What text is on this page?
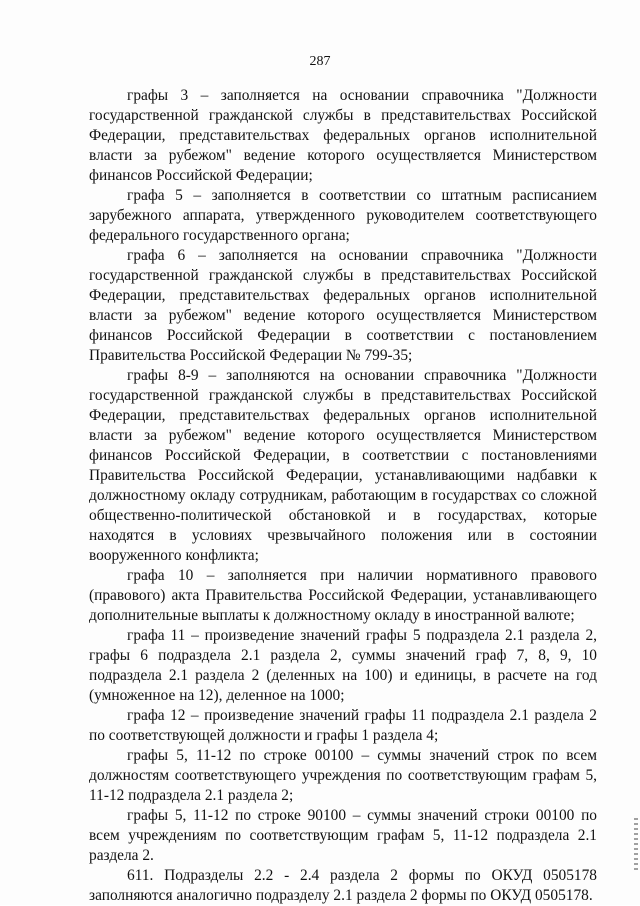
287

графы 3 – заполняется на основании справочника "Должности государственной гражданской службы в представительствах Российской Федерации, представительствах федеральных органов исполнительной власти за рубежом" ведение которого осуществляется Министерством финансов Российской Федерации;

графа 5 – заполняется в соответствии со штатным расписанием зарубежного аппарата, утвержденного руководителем соответствующего федерального государственного органа;

графа 6 – заполняется на основании справочника "Должности государственной гражданской службы в представительствах Российской Федерации, представительствах федеральных органов исполнительной власти за рубежом" ведение которого осуществляется Министерством финансов Российской Федерации в соответствии с постановлением Правительства Российской Федерации № 799-35;

графы 8-9 – заполняются на основании справочника "Должности государственной гражданской службы в представительствах Российской Федерации, представительствах федеральных органов исполнительной власти за рубежом" ведение которого осуществляется Министерством финансов Российской Федерации, в соответствии с постановлениями Правительства Российской Федерации, устанавливающими надбавки к должностному окладу сотрудникам, работающим в государствах со сложной общественно-политической обстановкой и в государствах, которые находятся в условиях чрезвычайного положения или в состоянии вооруженного конфликта;

графа 10 – заполняется при наличии нормативного правового (правового) акта Правительства Российской Федерации, устанавливающего дополнительные выплаты к должностному окладу в иностранной валюте;

графа 11 – произведение значений графы 5 подраздела 2.1 раздела 2, графы 6 подраздела 2.1 раздела 2, суммы значений граф 7, 8, 9, 10 подраздела 2.1 раздела 2 (деленных на 100) и единицы, в расчете на год (умноженное на 12), деленное на 1000;

графа 12 – произведение значений графы 11 подраздела 2.1 раздела 2 по соответствующей должности и графы 1 раздела 4;

графы 5, 11-12 по строке 00100 – суммы значений строк по всем должностям соответствующего учреждения по соответствующим графам 5, 11-12 подраздела 2.1 раздела 2;

графы 5, 11-12 по строке 90100 – суммы значений строки 00100 по всем учреждениям по соответствующим графам 5, 11-12 подраздела 2.1 раздела 2.

611. Подразделы 2.2 - 2.4 раздела 2 формы по ОКУД 0505178 заполняются аналогично подразделу 2.1 раздела 2 формы по ОКУД 0505178.
